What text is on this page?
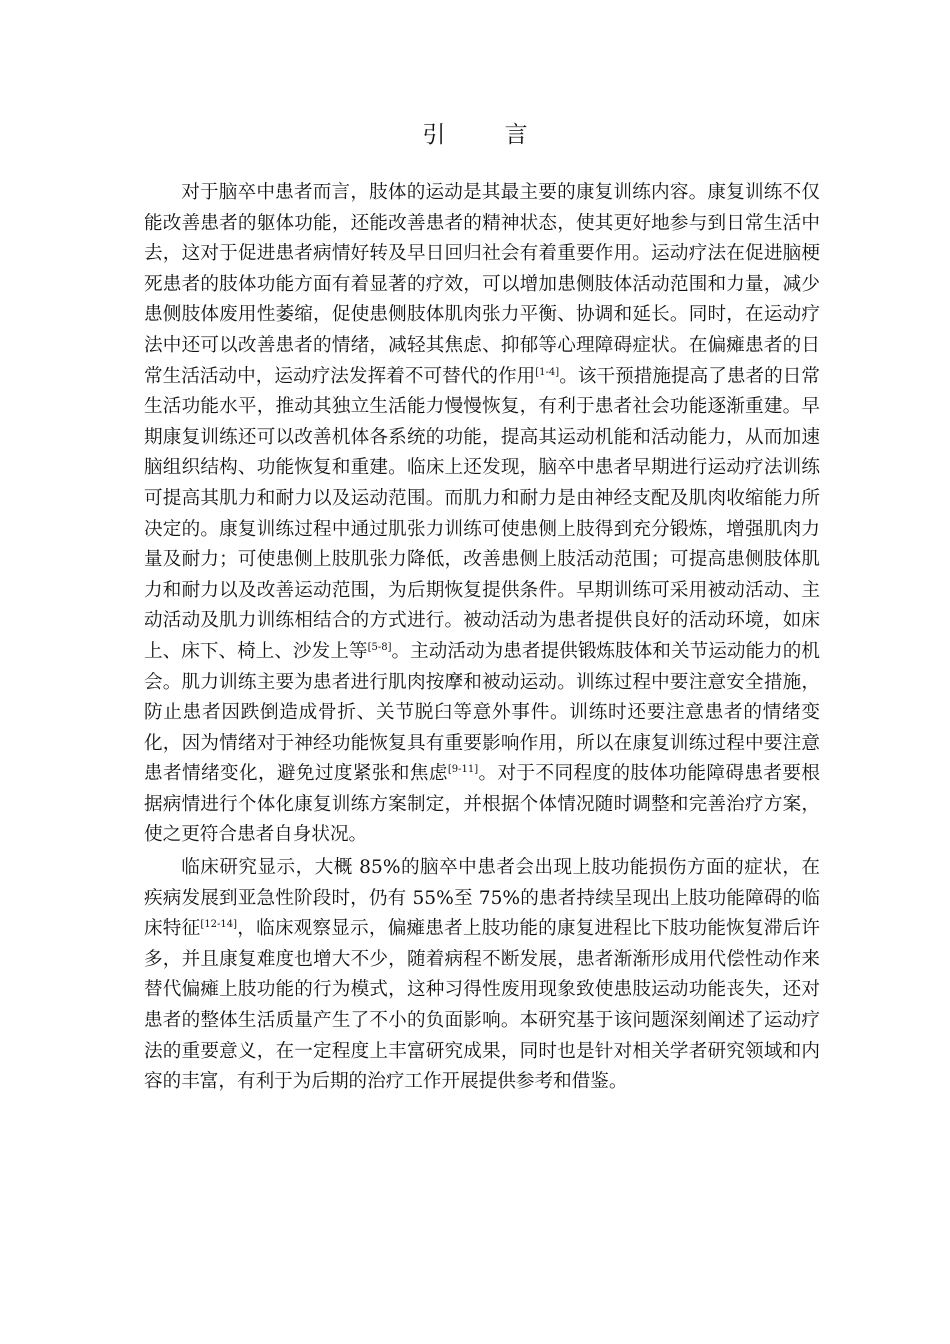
引 言

对于脑卒中患者而言，肢体的运动是其最主要的康复训练内容。康复训练不仅能改善患者的躯体功能，还能改善患者的精神状态，使其更好地参与到日常生活中去，这对于促进患者病情好转及早日回归社会有着重要作用。运动疗法在促进脑梗死患者的肢体功能方面有着显著的疗效，可以增加患侧肢体活动范围和力量，减少患侧肢体废用性萎缩，促使患侧肢体肌肉张力平衡、协调和延长。同时，在运动疗法中还可以改善患者的情绪，减轻其焦虑、抑郁等心理障碍症状。在偏瘫患者的日常生活活动中，运动疗法发挥着不可替代的作用[1-4]。该干预措施提高了患者的日常生活功能水平，推动其独立生活能力慢慢恢复，有利于患者社会功能逐渐重建。早期康复训练还可以改善机体各系统的功能，提高其运动机能和活动能力，从而加速脑组织结构、功能恢复和重建。临床上还发现，脑卒中患者早期进行运动疗法训练可提高其肌力和耐力以及运动范围。而肌力和耐力是由神经支配及肌肉收缩能力所决定的。康复训练过程中通过肌张力训练可使患侧上肢得到充分锻炼，增强肌肉力量及耐力；可使患侧上肢肌张力降低，改善患侧上肢活动范围；可提高患侧肢体肌力和耐力以及改善运动范围，为后期恢复提供条件。早期训练可采用被动活动、主动活动及肌力训练相结合的方式进行。被动活动为患者提供良好的活动环境，如床上、床下、椅上、沙发上等[5-8]。主动活动为患者提供锻炼肢体和关节运动能力的机会。肌力训练主要为患者进行肌肉按摩和被动运动。训练过程中要注意安全措施，防止患者因跌倒造成骨折、关节脱臼等意外事件。训练时还要注意患者的情绪变化，因为情绪对于神经功能恢复具有重要影响作用，所以在康复训练过程中要注意患者情绪变化，避免过度紧张和焦虑[9-11]。对于不同程度的肢体功能障碍患者要根据病情进行个体化康复训练方案制定，并根据个体情况随时调整和完善治疗方案，使之更符合患者自身状况。

临床研究显示，大概 85%的脑卒中患者会出现上肢功能损伤方面的症状，在疾病发展到亚急性阶段时，仍有 55%至 75%的患者持续呈现出上肢功能障碍的临床特征[12-14]，临床观察显示，偏瘫患者上肢功能的康复进程比下肢功能恢复滞后许多，并且康复难度也增大不少，随着病程不断发展，患者渐渐形成用代偿性动作来替代偏瘫上肢功能的行为模式，这种习得性废用现象致使患肢运动功能丧失，还对患者的整体生活质量产生了不小的负面影响。本研究基于该问题深刻阐述了运动疗法的重要意义，在一定程度上丰富研究成果，同时也是针对相关学者研究领域和内容的丰富，有利于为后期的治疗工作开展提供参考和借鉴。
